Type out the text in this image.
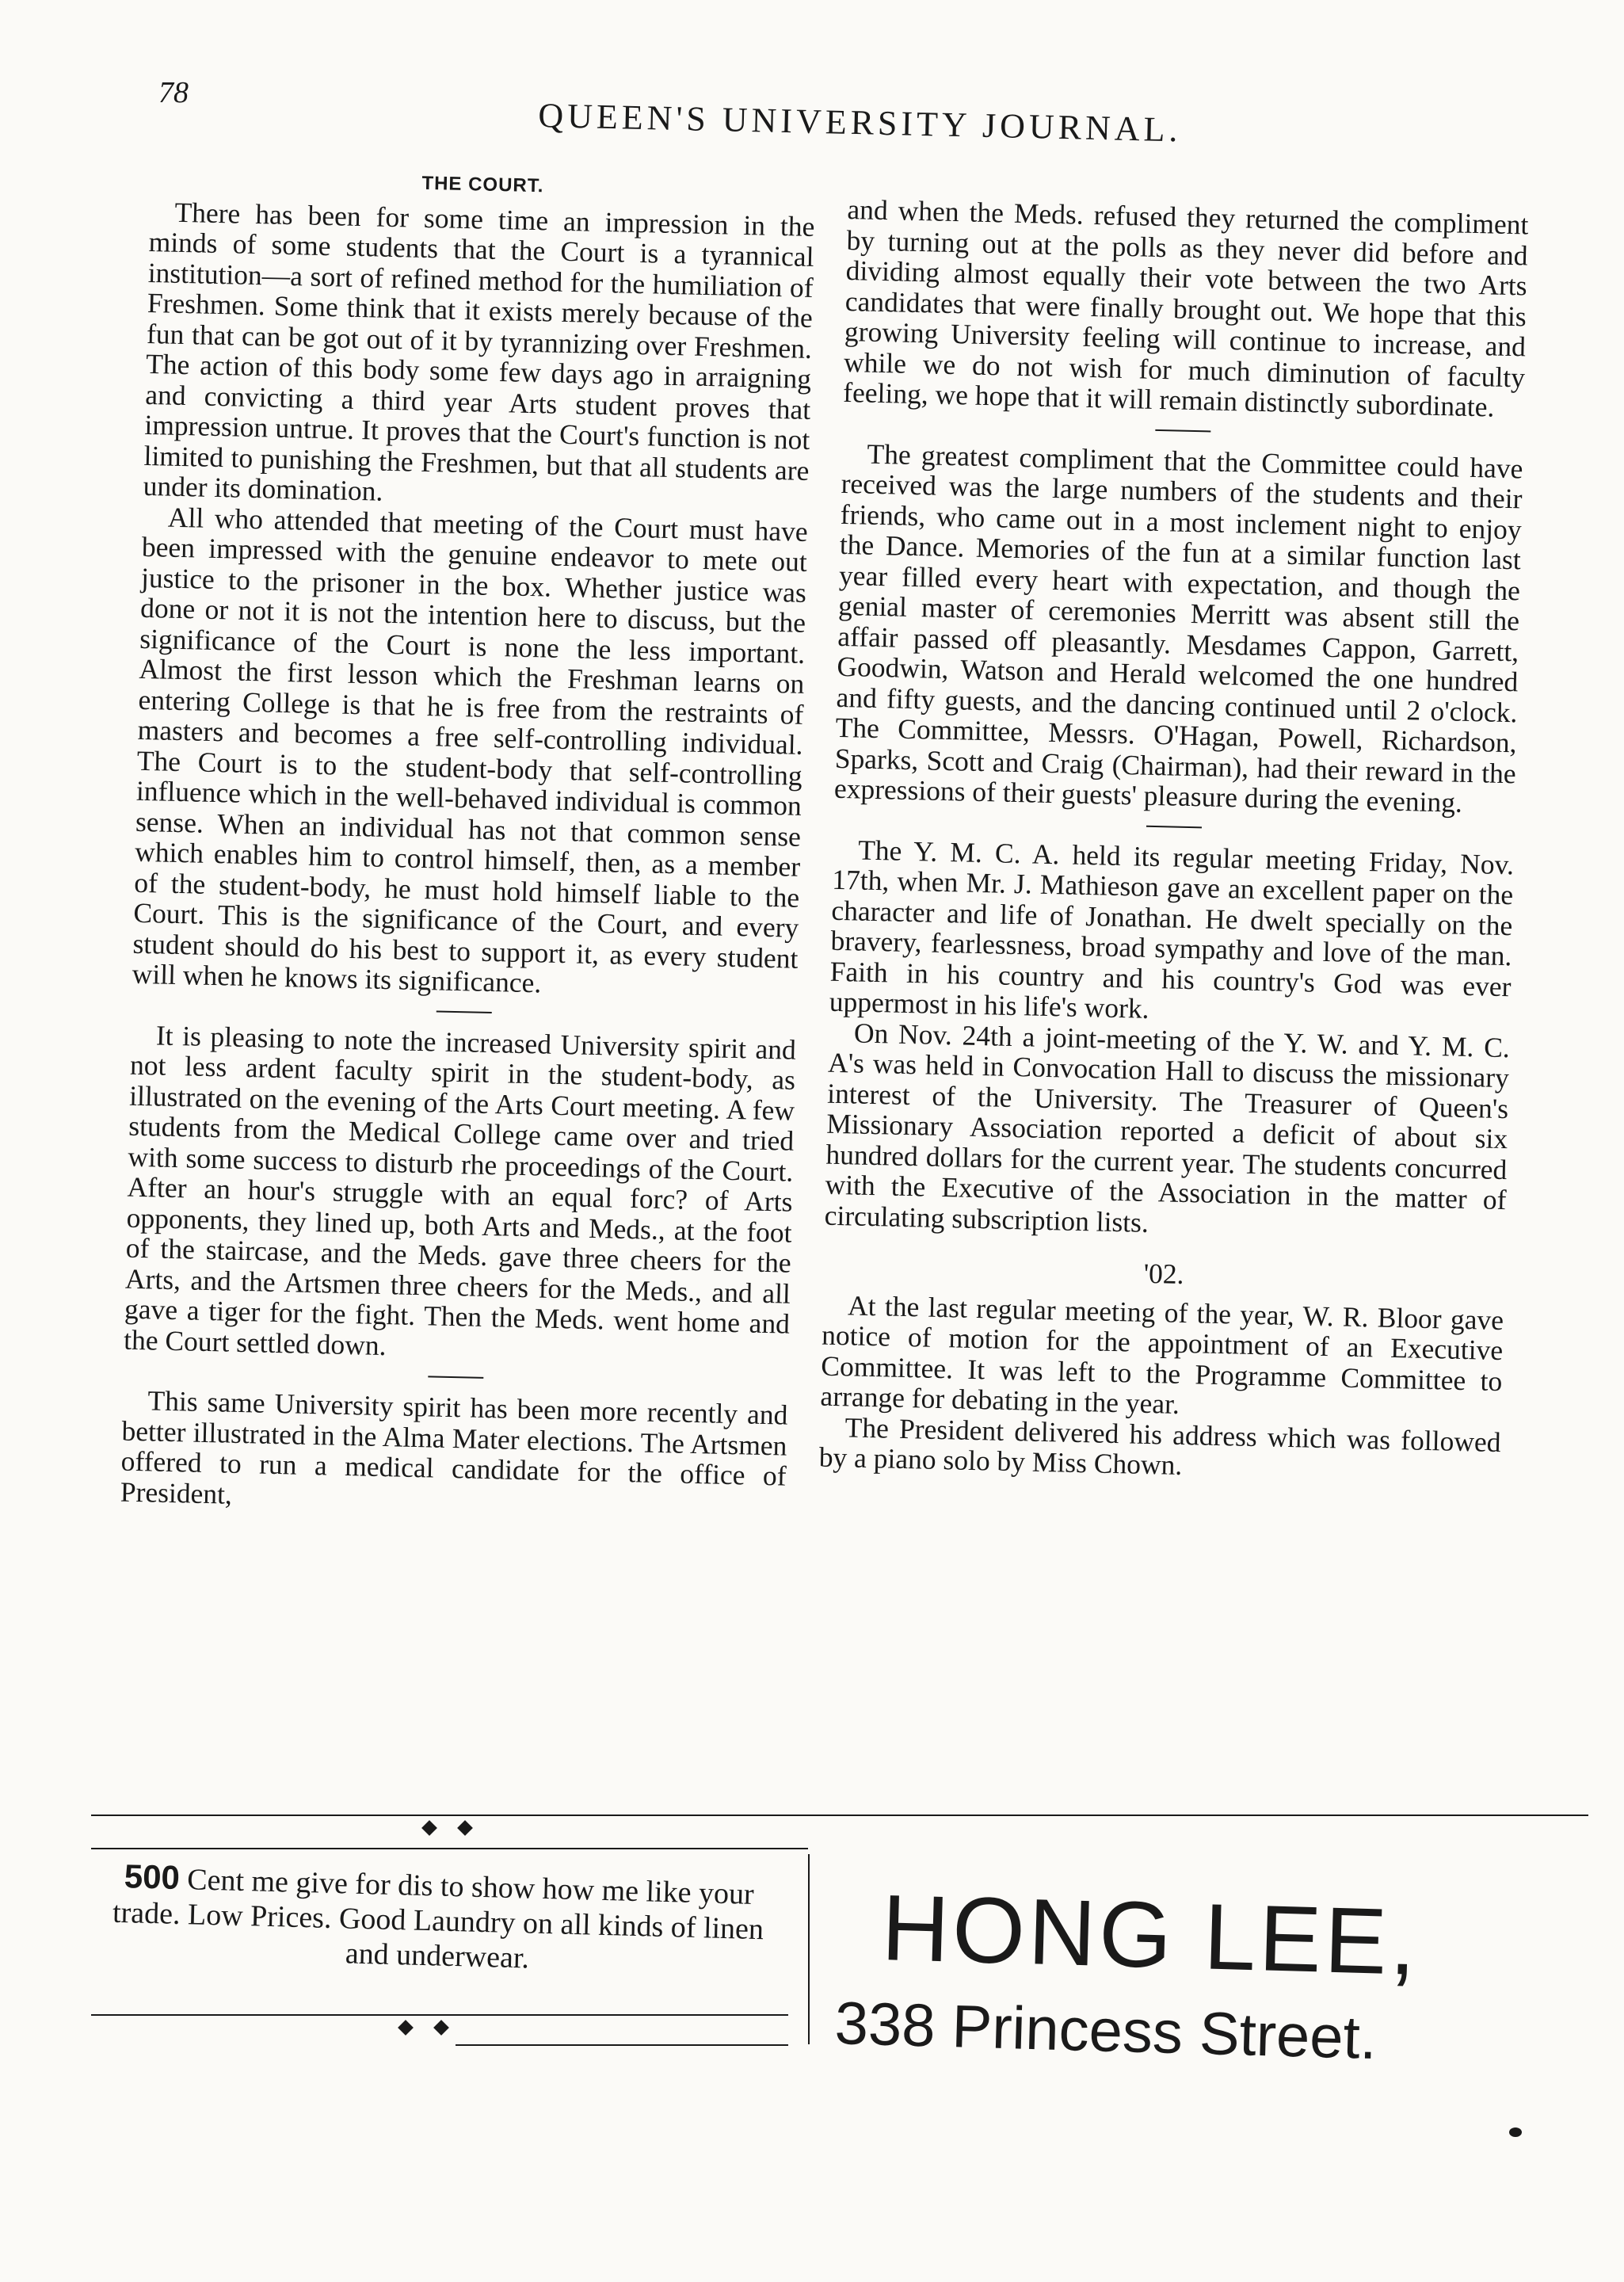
78
QUEEN'S UNIVERSITY JOURNAL.
THE COURT.

There has been for some time an impression in the minds of some students that the Court is a tyrannical institution—a sort of refined method for the humiliation of Freshmen. Some think that it exists merely because of the fun that can be got out of it by tyrannizing over Freshmen. The action of this body some few days ago in arraigning and convicting a third year Arts student proves that impression untrue. It proves that the Court's function is not limited to punishing the Freshmen, but that all students are under its domination.

All who attended that meeting of the Court must have been impressed with the genuine endeavor to mete out justice to the prisoner in the box. Whether justice was done or not it is not the intention here to discuss, but the significance of the Court is none the less important. Almost the first lesson which the Freshman learns on entering College is that he is free from the restraints of masters and becomes a free self-controlling individual. The Court is to the student-body that self-controlling influence which in the well-behaved individual is common sense. When an individual has not that common sense which enables him to control himself, then, as a member of the student-body, he must hold himself liable to the Court. This is the significance of the Court, and every student should do his best to support it, as every student will when he knows its significance.

It is pleasing to note the increased University spirit and not less ardent faculty spirit in the student-body, as illustrated on the evening of the Arts Court meeting. A few students from the Medical College came over and tried with some success to disturb rhe proceedings of the Court. After an hour's struggle with an equal forc? of Arts opponents, they lined up, both Arts and Meds., at the foot of the staircase, and the Meds. gave three cheers for the Arts, and the Artsmen three cheers for the Meds., and all gave a tiger for the fight. Then the Meds. went home and the Court settled down.

This same University spirit has been more recently and better illustrated in the Alma Mater elections. The Artsmen offered to run a medical candidate for the office of President,

and when the Meds. refused they returned the compliment by turning out at the polls as they never did before and dividing almost equally their vote between the two Arts candidates that were finally brought out. We hope that this growing University feeling will continue to increase, and while we do not wish for much diminution of faculty feeling, we hope that it will remain distinctly subordinate.

The greatest compliment that the Committee could have received was the large numbers of the students and their friends, who came out in a most inclement night to enjoy the Dance. Memories of the fun at a similar function last year filled every heart with expectation, and though the genial master of ceremonies Merritt was absent still the affair passed off pleasantly. Mesdames Cappon, Garrett, Goodwin, Watson and Herald welcomed the one hundred and fifty guests, and the dancing continued until 2 o'clock. The Committee, Messrs. O'Hagan, Powell, Richardson, Sparks, Scott and Craig (Chairman), had their reward in the expressions of their guests' pleasure during the evening.

The Y. M. C. A. held its regular meeting Friday, Nov. 17th, when Mr. J. Mathieson gave an excellent paper on the character and life of Jonathan. He dwelt specially on the bravery, fearlessness, broad sympathy and love of the man. Faith in his country and his country's God was ever uppermost in his life's work.

On Nov. 24th a joint-meeting of the Y. W. and Y. M. C. A's was held in Convocation Hall to discuss the missionary interest of the University. The Treasurer of Queen's Missionary Association reported a deficit of about six hundred dollars for the current year. The students concurred with the Executive of the Association in the matter of circulating subscription lists.

'02.

At the last regular meeting of the year, W. R. Bloor gave notice of motion for the appointment of an Executive Committee. It was left to the Programme Committee to arrange for debating in the year.

The President delivered his address which was followed by a piano solo by Miss Chown.

500 Cent me give for dis to show how me like your trade. Low Prices. Good Laundry on all kinds of linen and underwear.	HONG LEE,
338 Princess Street.
